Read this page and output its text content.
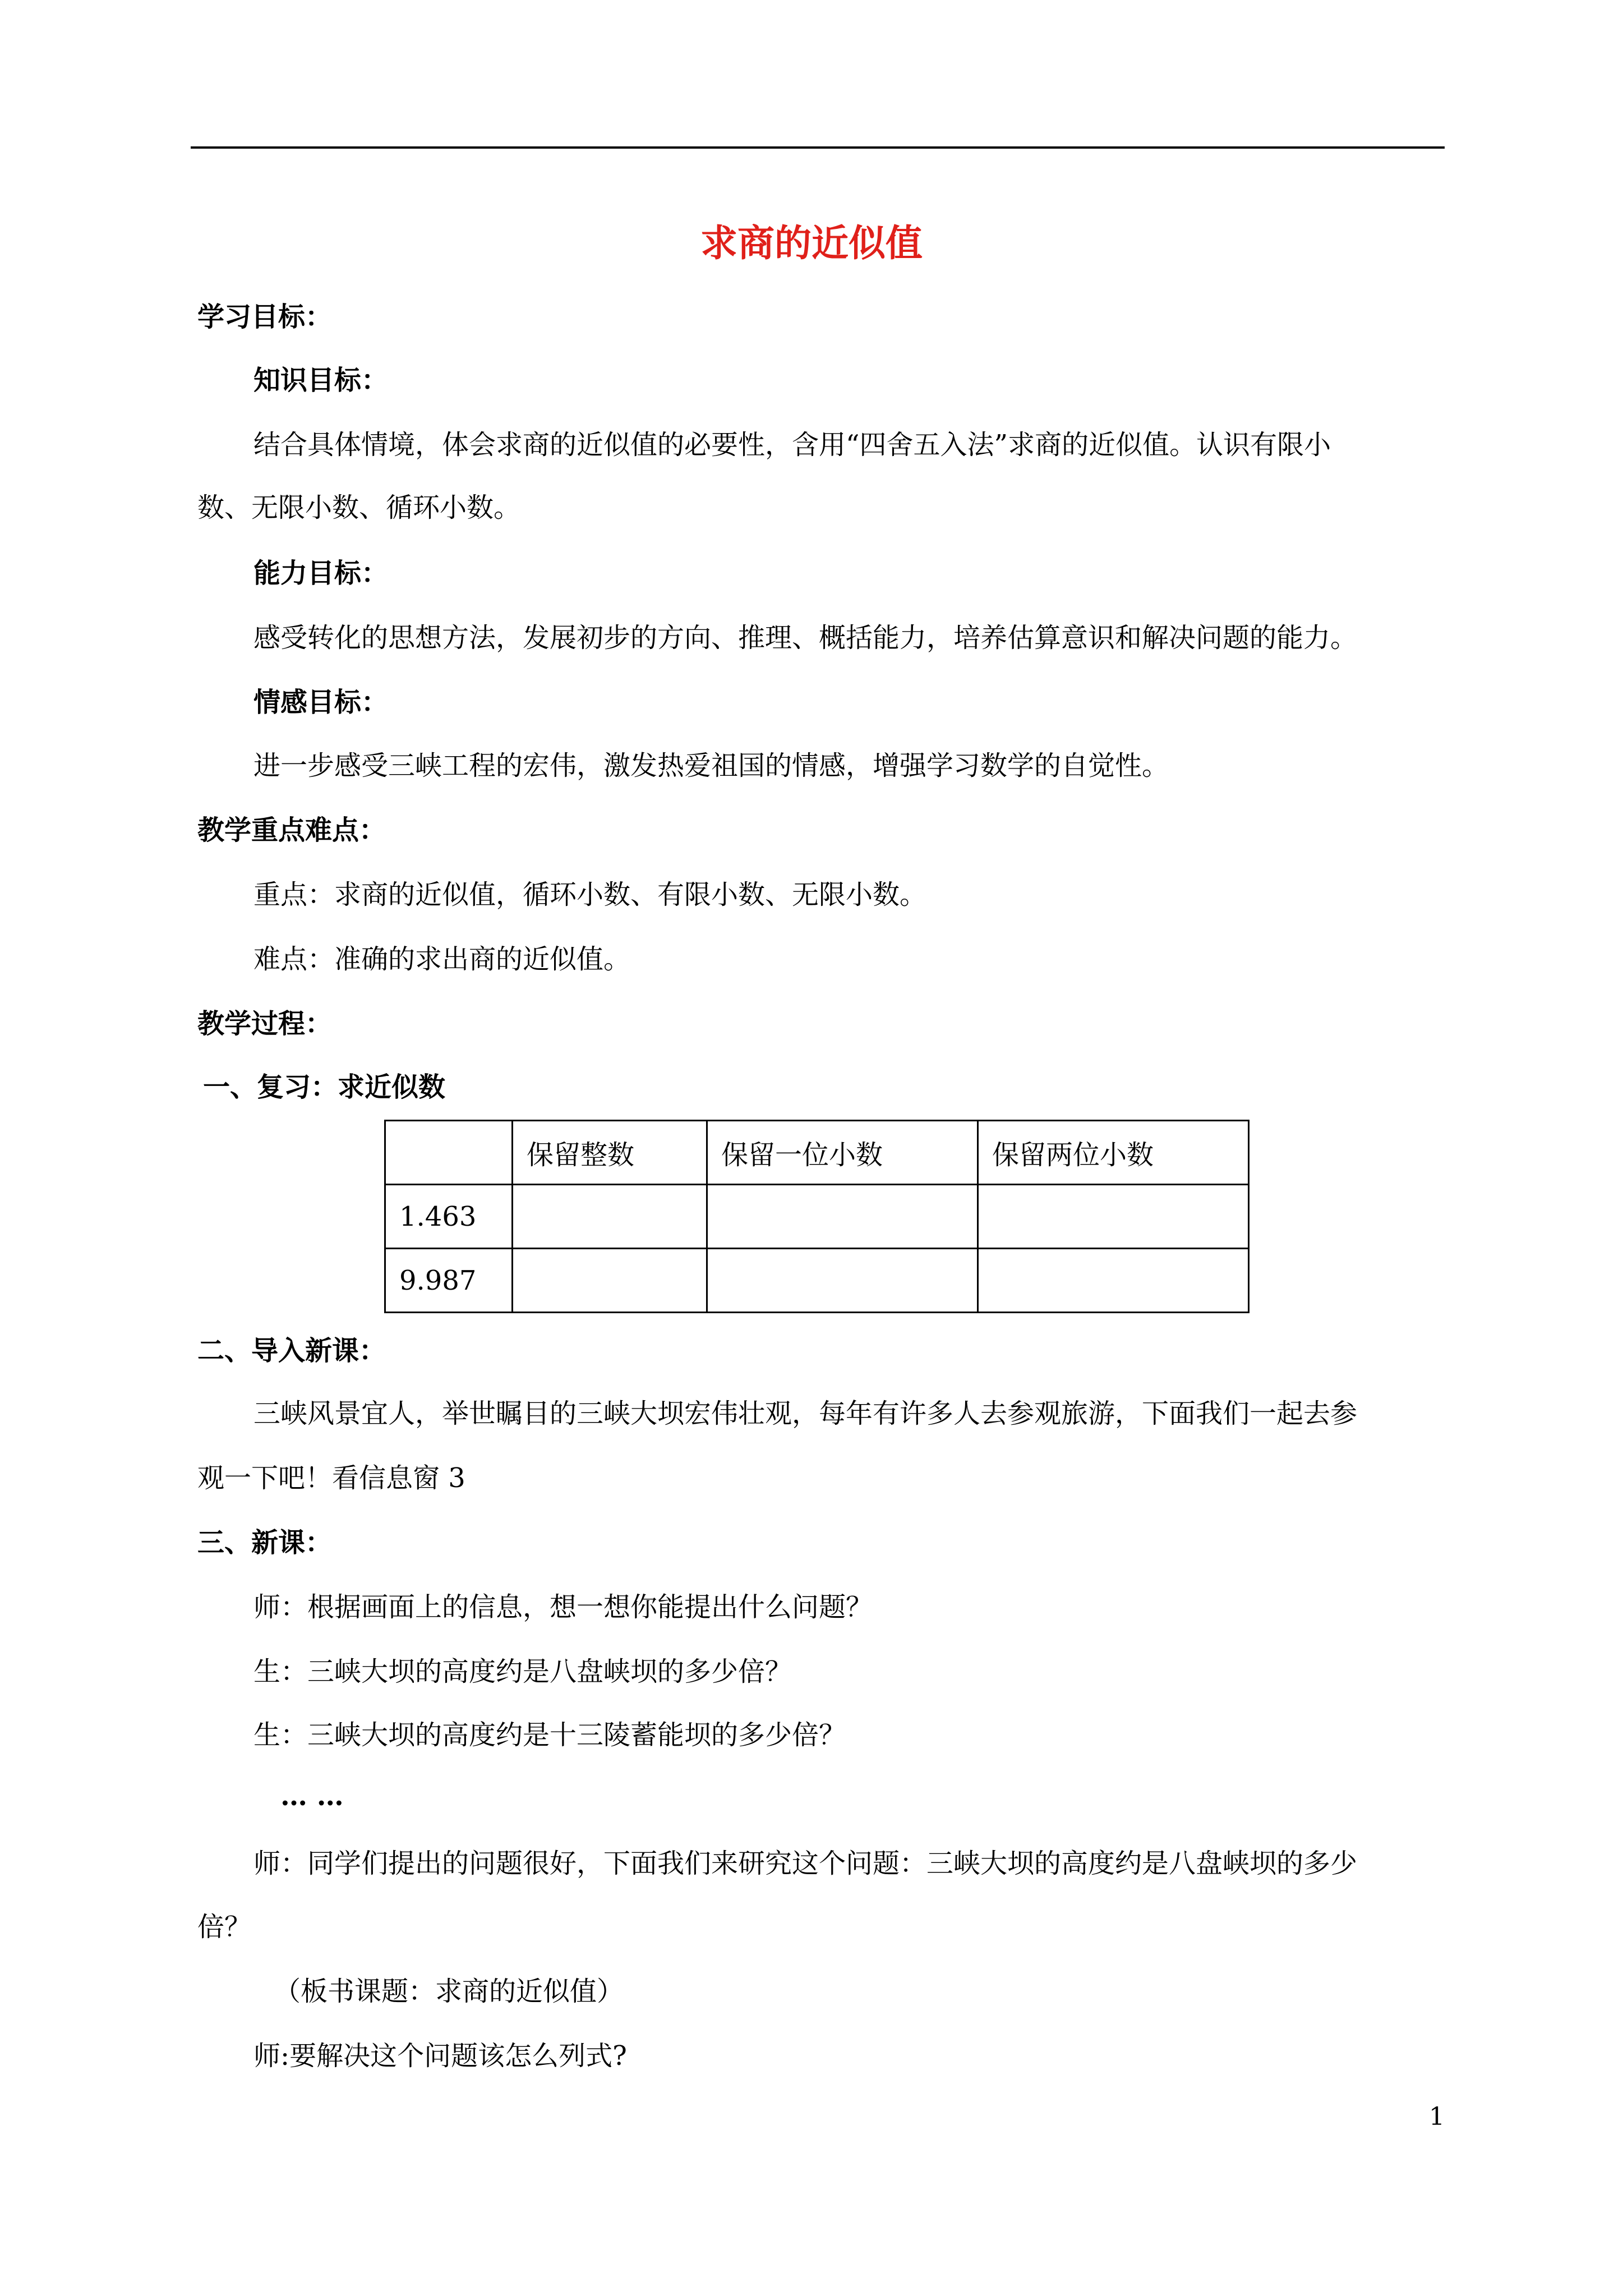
求商的近似值
学习目标：
知识目标：
结合具体情境，体会求商的近似值的必要性，含用“四舍五入法”求商的近似值。认识有限小
数、无限小数、循环小数。
能力目标：
感受转化的思想方法，发展初步的方向、推理、概括能力，培养估算意识和解决问题的能力。
情感目标：
进一步感受三峡工程的宏伟，激发热爱祖国的情感，增强学习数学的自觉性。
教学重点难点：
重点：求商的近似值，循环小数、有限小数、无限小数。
难点：准确的求出商的近似值。
教学过程：
一、复习：求近似数
	保留整数	保留一位小数	保留两位小数
1.463			
9.987			
二、导入新课：
三峡风景宜人，举世瞩目的三峡大坝宏伟壮观，每年有许多人去参观旅游，下面我们一起去参
观一下吧！看信息窗 3
三、新课：
师：根据画面上的信息，想一想你能提出什么问题？
生：三峡大坝的高度约是八盘峡坝的多少倍？
生：三峡大坝的高度约是十三陵蓄能坝的多少倍？
… …
师：同学们提出的问题很好，下面我们来研究这个问题：三峡大坝的高度约是八盘峡坝的多少
倍？
（板书课题：求商的近似值）
师:要解决这个问题该怎么列式?
1
